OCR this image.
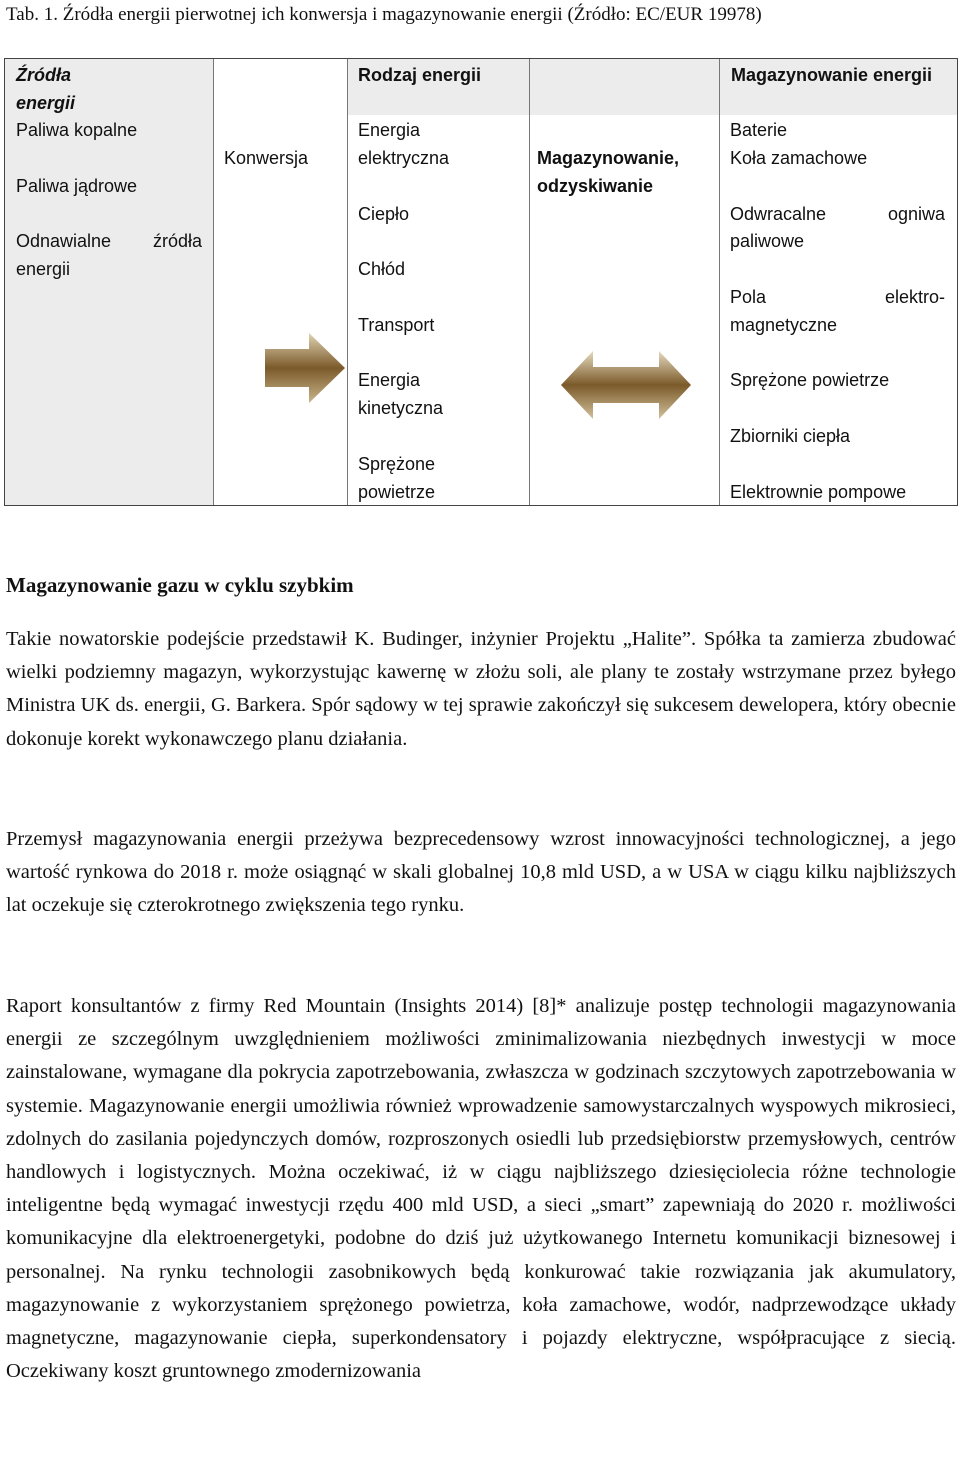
Tab. 1. Źródła energii pierwotnej ich konwersja i magazynowanie energii (Źródło: EC/EUR 19978)
Źródła
energii
Paliwa kopalne
Paliwa jądrowe
Odnawialne źródła
energii
Konwersja
Rodzaj energii
Energia
elektryczna
Ciepło
Chłód
Transport
Energia
kinetyczna
Sprężone
powietrze
Magazynowanie,
odzyskiwanie
Magazynowanie energii
Baterie
Koła zamachowe
Odwracalne	ogniwa
paliwowe
Pola	elektro-
magnetyczne
Sprężone powietrze
Zbiorniki ciepła
Elektrownie pompowe
Magazynowanie gazu w cyklu szybkim

Takie nowatorskie podejście przedstawił K. Budinger, inżynier Projektu „Halite”. Spółka ta zamierza zbudować wielki podziemny magazyn, wykorzystując kawernę w złożu soli, ale plany te zostały wstrzymane przez byłego Ministra UK ds. energii, G. Barkera. Spór sądowy w tej sprawie zakończył się sukcesem dewelopera, który obecnie dokonuje korekt wykonawczego planu działania.

Przemysł magazynowania energii przeżywa bezprecedensowy wzrost innowacyjności technologicznej, a jego wartość rynkowa do 2018 r. może osiągnąć w skali globalnej 10,8 mld USD, a w USA w ciągu kilku najbliższych lat oczekuje się czterokrotnego zwiększenia tego rynku.

Raport konsultantów z firmy Red Mountain (Insights 2014) [8]* analizuje postęp technologii magazynowania energii ze szczególnym uwzględnieniem możliwości zminimalizowania niezbędnych inwestycji w moce zainstalowane, wymagane dla pokrycia zapotrzebowania, zwłaszcza w godzinach szczytowych zapotrzebowania w systemie. Magazynowanie energii umożliwia również wprowadzenie samowystarczalnych wyspowych mikrosieci, zdolnych do zasilania pojedynczych domów, rozproszonych osiedli lub przedsiębiorstw przemysłowych, centrów handlowych i logistycznych. Można oczekiwać, iż w ciągu najbliższego dziesięciolecia różne technologie inteligentne będą wymagać inwestycji rzędu 400 mld USD, a sieci „smart” zapewniają do 2020 r. możliwości komunikacyjne dla elektroenergetyki, podobne do dziś już użytkowanego Internetu komunikacji biznesowej i personalnej. Na rynku technologii zasobnikowych będą konkurować takie rozwiązania jak akumulatory, magazynowanie z wykorzystaniem sprężonego powietrza, koła zamachowe, wodór, nadprzewodzące układy magnetyczne, magazynowanie ciepła, superkondensatory i pojazdy elektryczne, współpracujące z siecią. Oczekiwany koszt gruntownego zmodernizowania
